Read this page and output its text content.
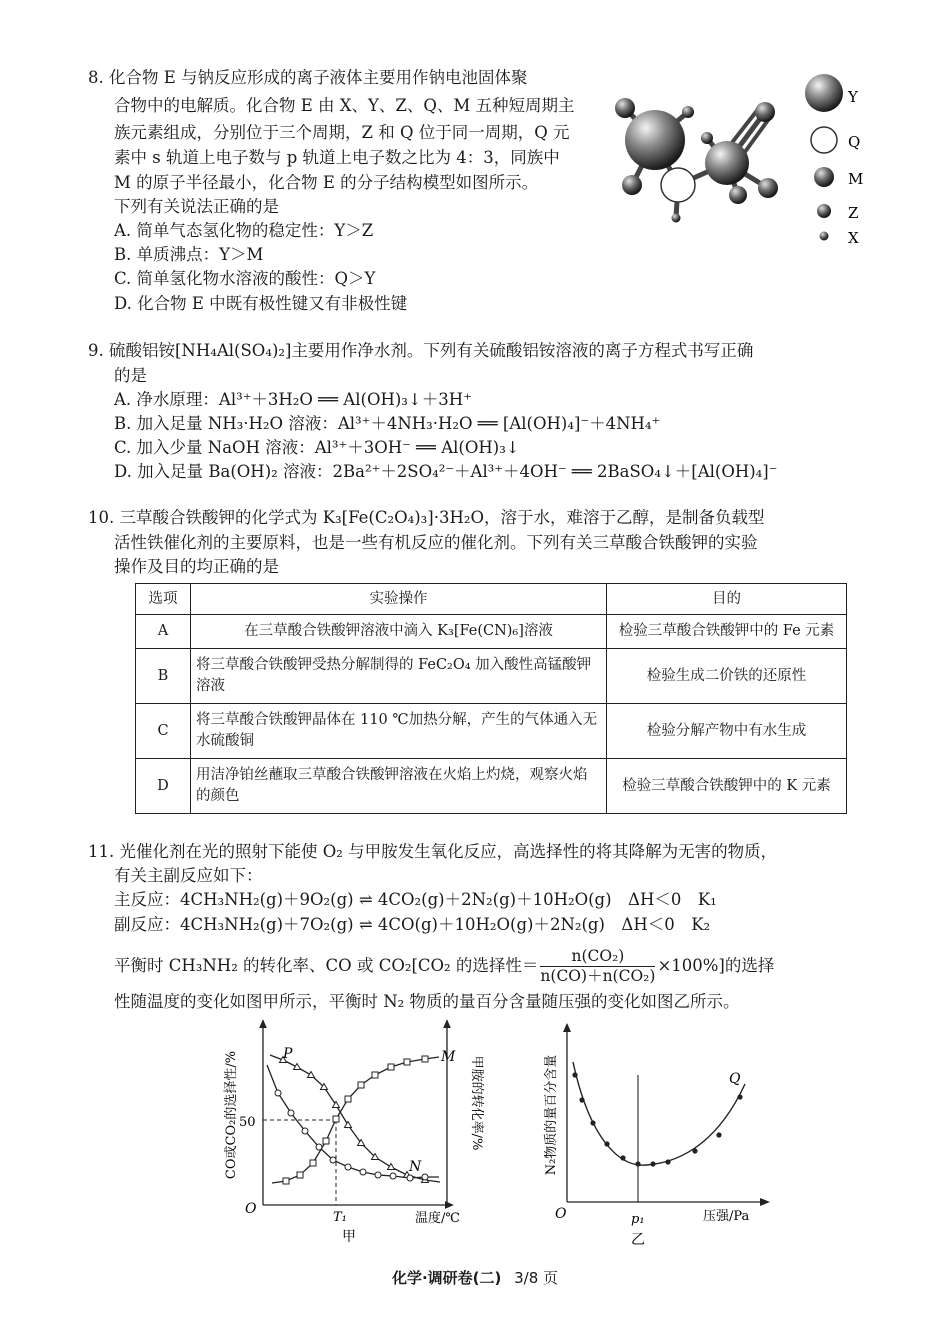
8. 化合物 E 与钠反应形成的离子液体主要用作钠电池固体聚
合物中的电解质。化合物 E 由 X、Y、Z、Q、M 五种短周期主
族元素组成，分别位于三个周期，Z 和 Q 位于同一周期，Q 元
素中 s 轨道上电子数与 p 轨道上电子数之比为 4：3，同族中
M 的原子半径最小，化合物 E 的分子结构模型如图所示。
下列有关说法正确的是
A. 简单气态氢化物的稳定性：Y＞Z
B. 单质沸点：Y＞M
C. 简单氢化物水溶液的酸性：Q＞Y
D. 化合物 E 中既有极性键又有非极性键
Y
Q
M
Z
X
9. 硫酸铝铵[NH₄Al(SO₄)₂]主要用作净水剂。下列有关硫酸铝铵溶液的离子方程式书写正确
的是
A. 净水原理：Al³⁺＋3H₂O ══ Al(OH)₃↓＋3H⁺
B. 加入足量 NH₃·H₂O 溶液：Al³⁺＋4NH₃·H₂O ══ [Al(OH)₄]⁻＋4NH₄⁺
C. 加入少量 NaOH 溶液：Al³⁺＋3OH⁻ ══ Al(OH)₃↓
D. 加入足量 Ba(OH)₂ 溶液：2Ba²⁺＋2SO₄²⁻＋Al³⁺＋4OH⁻ ══ 2BaSO₄↓＋[Al(OH)₄]⁻
10. 三草酸合铁酸钾的化学式为 K₃[Fe(C₂O₄)₃]·3H₂O，溶于水，难溶于乙醇，是制备负载型
活性铁催化剂的主要原料，也是一些有机反应的催化剂。下列有关三草酸合铁酸钾的实验
操作及目的均正确的是
选项	实验操作	目的
A	在三草酸合铁酸钾溶液中滴入 K₃[Fe(CN)₆]溶液	检验三草酸合铁酸钾中的 Fe 元素
B	将三草酸合铁酸钾受热分解制得的 FeC₂O₄ 加入酸性高锰酸钾溶液	检验生成二价铁的还原性
C	将三草酸合铁酸钾晶体在 110 ℃加热分解，产生的气体通入无水硫酸铜	检验分解产物中有水生成
D	用洁净铂丝蘸取三草酸合铁酸钾溶液在火焰上灼烧，观察火焰的颜色	检验三草酸合铁酸钾中的 K 元素
11. 光催化剂在光的照射下能使 O₂ 与甲胺发生氧化反应，高选择性的将其降解为无害的物质，
有关主副反应如下：
主反应：4CH₃NH₂(g)＋9O₂(g) ⇌ 4CO₂(g)＋2N₂(g)＋10H₂O(g)　ΔH＜0　K₁
副反应：4CH₃NH₂(g)＋7O₂(g) ⇌ 4CO(g)＋10H₂O(g)＋2N₂(g)　ΔH＜0　K₂
平衡时 CH₃NH₂ 的转化率、CO 或 CO₂[CO₂ 的选择性＝ $\frac{\text{n(CO₂)}}{\text{n(CO)＋n(CO₂)}} \times 100\%$]的选择
性随温度的变化如图甲所示，平衡时 N₂ 物质的量百分含量随压强的变化如图乙所示。
CO或CO₂的选择性/%	甲胺的转化率/%
O
T₁
50
温度/℃
甲
P	M
N	N₂物质的量百分含量
O	p₁	压强/Pa
乙
Q
化学·调研卷(二) 3/8 页
